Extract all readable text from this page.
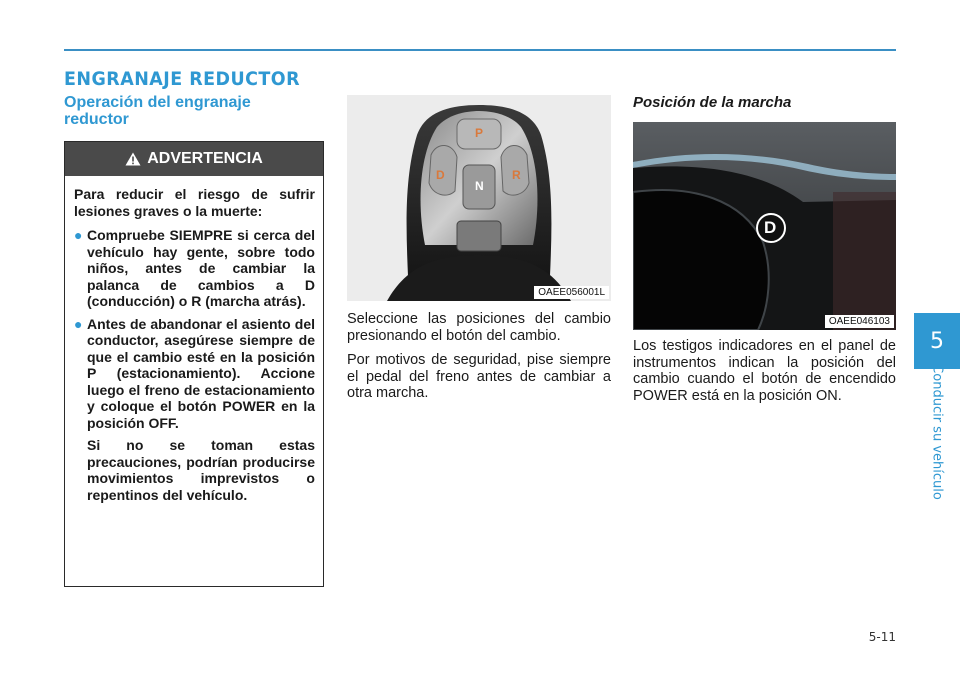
ENGRANAJE REDUCTOR
Operación del engranaje reductor
ADVERTENCIA

Para reducir el riesgo de sufrir lesiones graves o la muerte:

● Compruebe SIEMPRE si cerca del vehículo hay gente, sobre todo niños, antes de cambiar la palanca de cambios a D (conducción) o R (marcha atrás).
● Antes de abandonar el asiento del conductor, asegúrese siempre de que el cambio esté en la posición P (estacionamiento). Accione luego el freno de estacionamiento y coloque el botón POWER en la posición OFF.

Si no se toman estas precauciones, podrían producirse movimientos imprevistos o repentinos del vehículo.

P
D	R
N
OAEE056001L

Seleccione las posiciones del cambio presionando el botón del cambio.

Por motivos de seguridad, pise siempre el pedal del freno antes de cambiar a otra marcha.

Posición de la marcha
D
OAEE046103

Los testigos indicadores en el panel de instrumentos indican la posición del cambio cuando el botón de encendido POWER está en la posición ON.

5
Conducir su vehículo
5-11
